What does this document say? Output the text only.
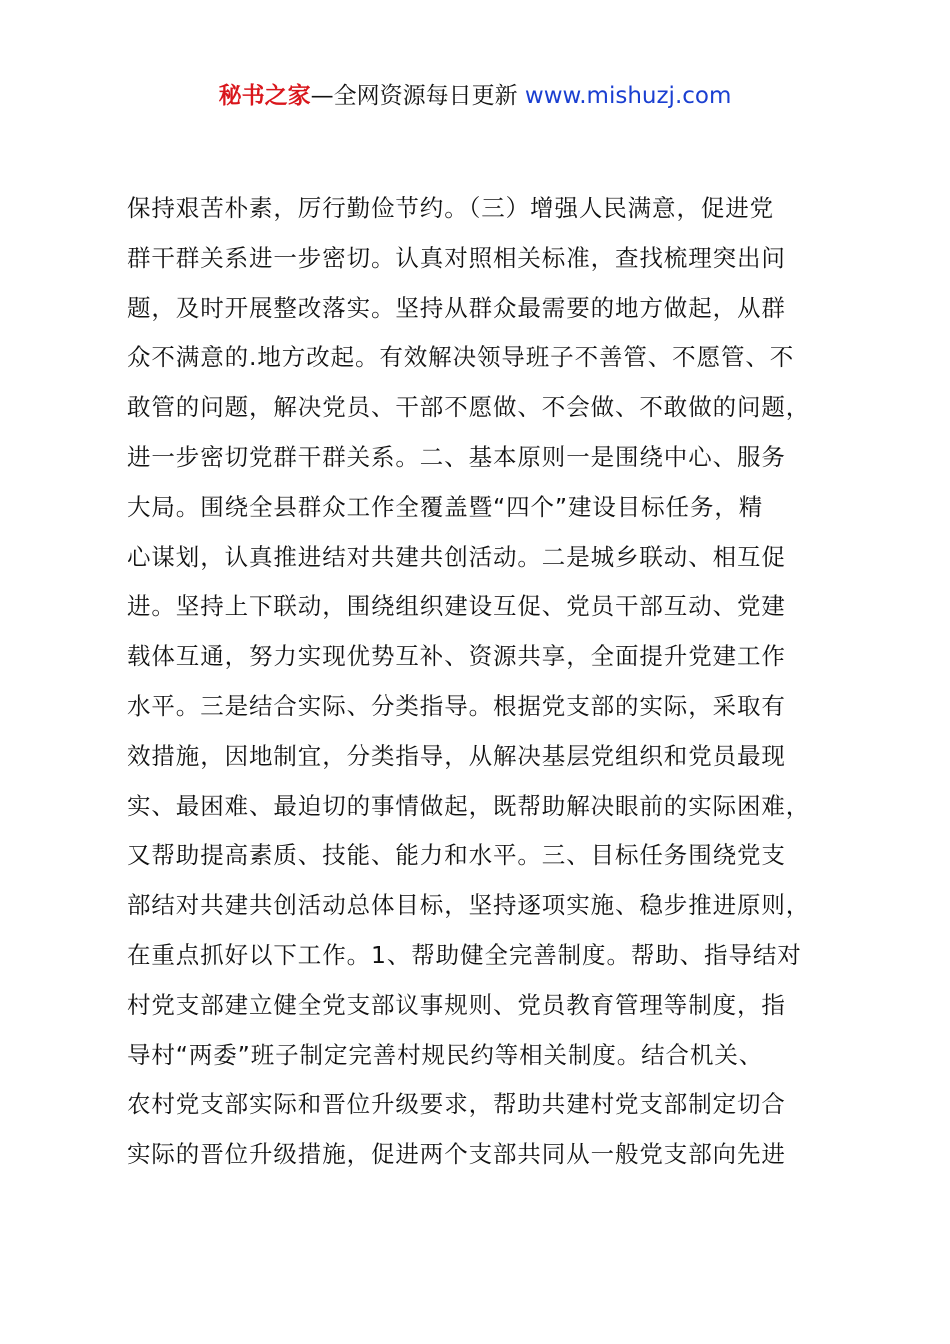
秘书之家—全网资源每日更新 www.mishuzj.com
保持艰苦朴素，厉行勤俭节约。（三）增强人民满意，促进党
群干群关系进一步密切。认真对照相关标准，查找梳理突出问
题，及时开展整改落实。坚持从群众最需要的地方做起，从群
众不满意的.地方改起。有效解决领导班子不善管、不愿管、不
敢管的问题，解决党员、干部不愿做、不会做、不敢做的问题，
进一步密切党群干群关系。二、基本原则一是围绕中心、服务
大局。围绕全县群众工作全覆盖暨“四个”建设目标任务，精
心谋划，认真推进结对共建共创活动。二是城乡联动、相互促
进。坚持上下联动，围绕组织建设互促、党员干部互动、党建
载体互通，努力实现优势互补、资源共享，全面提升党建工作
水平。三是结合实际、分类指导。根据党支部的实际，采取有
效措施，因地制宜，分类指导，从解决基层党组织和党员最现
实、最困难、最迫切的事情做起，既帮助解决眼前的实际困难，
又帮助提高素质、技能、能力和水平。三、目标任务围绕党支
部结对共建共创活动总体目标，坚持逐项实施、稳步推进原则，
在重点抓好以下工作。1、帮助健全完善制度。帮助、指导结对
村党支部建立健全党支部议事规则、党员教育管理等制度，指
导村“两委”班子制定完善村规民约等相关制度。结合机关、
农村党支部实际和晋位升级要求，帮助共建村党支部制定切合
实际的晋位升级措施，促进两个支部共同从一般党支部向先进
